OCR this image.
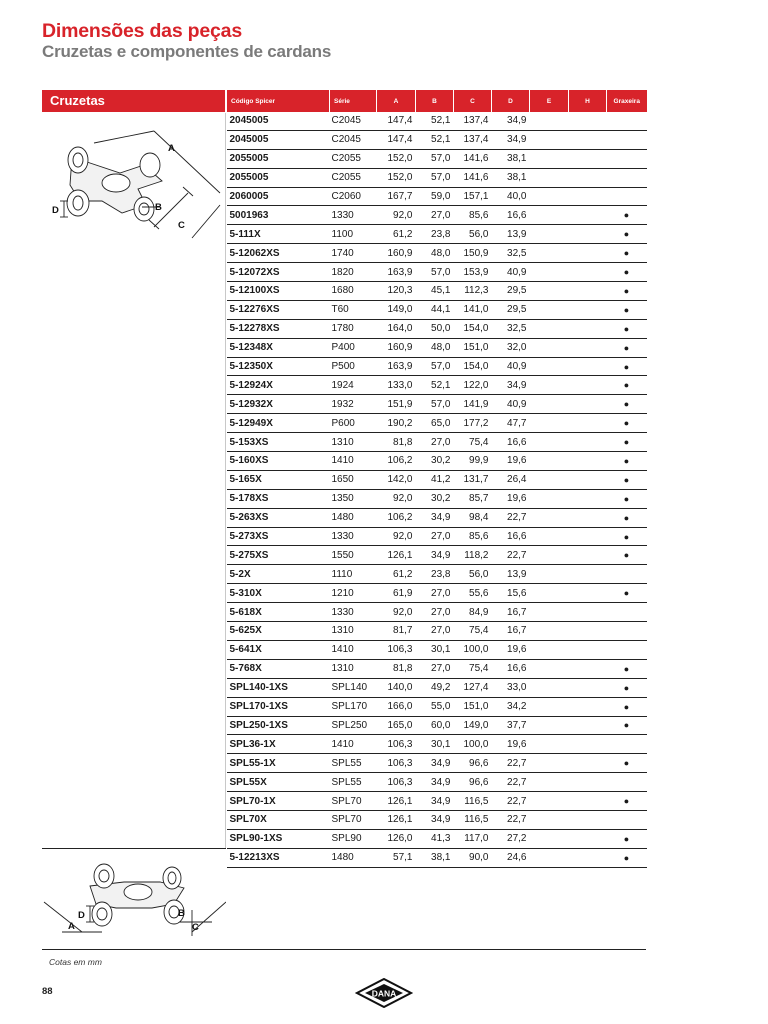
Dimensões das peças
Cruzetas e componentes de cardans
Cruzetas	Código Spicer	Série	A	B	C	D	E	H	Graxeira
2045005	C2045	147,4	52,1	137,4	34,9			
2045005	C2045	147,4	52,1	137,4	34,9			
2055005	C2055	152,0	57,0	141,6	38,1			
2055005	C2055	152,0	57,0	141,6	38,1			
2060005	C2060	167,7	59,0	157,1	40,0			
5001963	1330	92,0	27,0	85,6	16,6			●
5-111X	1100	61,2	23,8	56,0	13,9			●
5-12062XS	1740	160,9	48,0	150,9	32,5			●
5-12072XS	1820	163,9	57,0	153,9	40,9			●
5-12100XS	1680	120,3	45,1	112,3	29,5			●
5-12276XS	T60	149,0	44,1	141,0	29,5			●
5-12278XS	1780	164,0	50,0	154,0	32,5			●
5-12348X	P400	160,9	48,0	151,0	32,0			●
5-12350X	P500	163,9	57,0	154,0	40,9			●
5-12924X	1924	133,0	52,1	122,0	34,9			●
5-12932X	1932	151,9	57,0	141,9	40,9			●
5-12949X	P600	190,2	65,0	177,2	47,7			●
5-153XS	1310	81,8	27,0	75,4	16,6			●
5-160XS	1410	106,2	30,2	99,9	19,6			●
5-165X	1650	142,0	41,2	131,7	26,4			●
5-178XS	1350	92,0	30,2	85,7	19,6			●
5-263XS	1480	106,2	34,9	98,4	22,7			●
5-273XS	1330	92,0	27,0	85,6	16,6			●
5-275XS	1550	126,1	34,9	118,2	22,7			●
5-2X	1110	61,2	23,8	56,0	13,9			
5-310X	1210	61,9	27,0	55,6	15,6			●
5-618X	1330	92,0	27,0	84,9	16,7			
5-625X	1310	81,7	27,0	75,4	16,7			
5-641X	1410	106,3	30,1	100,0	19,6			
5-768X	1310	81,8	27,0	75,4	16,6			●
SPL140-1XS	SPL140	140,0	49,2	127,4	33,0			●
SPL170-1XS	SPL170	166,0	55,0	151,0	34,2			●
SPL250-1XS	SPL250	165,0	60,0	149,0	37,7			●
SPL36-1X	1410	106,3	30,1	100,0	19,6			
SPL55-1X	SPL55	106,3	34,9	96,6	22,7			●
SPL55X	SPL55	106,3	34,9	96,6	22,7			
SPL70-1X	SPL70	126,1	34,9	116,5	22,7			●
SPL70X	SPL70	126,1	34,9	116,5	22,7			
SPL90-1XS	SPL90	126,0	41,3	117,0	27,2			●
5-12213XS	1480	57,1	38,1	90,0	24,6			●
A
B
C
D
A
B
C
D
Cotas em mm
88	DANA
